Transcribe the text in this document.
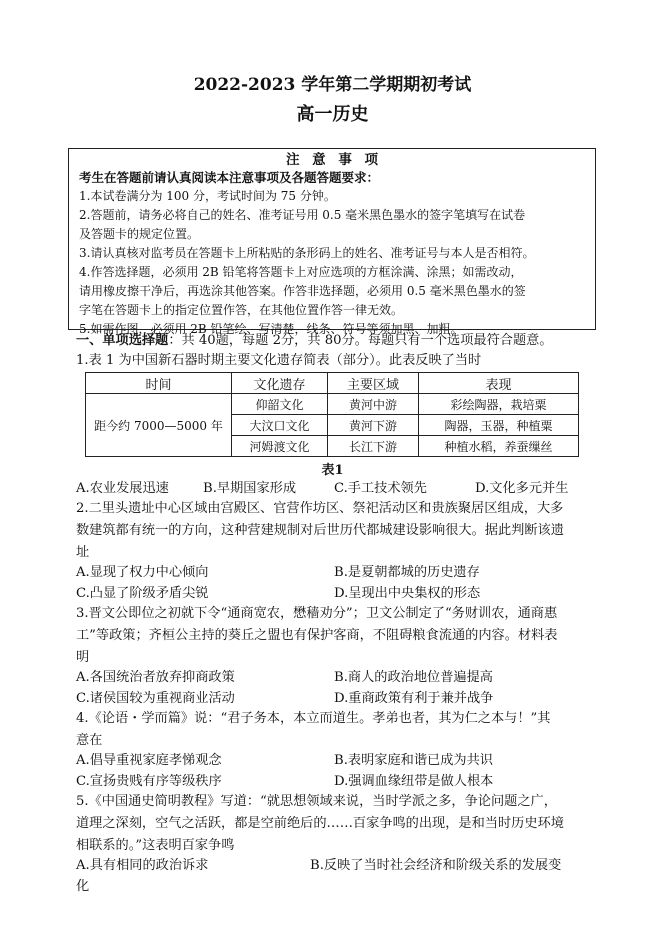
2022-2023 学年第二学期期初考试
高一历史
注 意 事 项
考生在答题前请认真阅读本注意事项及各题答题要求：
1.本试卷满分为 100 分，考试时间为 75 分钟。
2.答题前，请务必将自己的姓名、准考证号用 0.5 毫米黑色墨水的签字笔填写在试卷
及答题卡的规定位置。
3.请认真核对监考员在答题卡上所粘贴的条形码上的姓名、准考证号与本人是否相符。
4.作答选择题，必须用 2B 铅笔将答题卡上对应选项的方框涂满、涂黑；如需改动，
请用橡皮擦干净后，再选涂其他答案。作答非选择题，必须用 0.5 毫米黑色墨水的签
字笔在答题卡上的指定位置作答，在其他位置作答一律无效。
5.如需作图，必须用 2B 铅笔绘、写清楚，线条、符号等须加黑、加粗。
一、单项选择题：共 40题，每题 2分，共 80分。每题只有一个选项最符合题意。
1.表 1 为中国新石器时期主要文化遗存简表（部分）。此表反映了当时
时间	文化遗存	主要区域	表现
距今约 7000—5000 年	仰韶文化	黄河中游	彩绘陶器，栽培粟
	大汶口文化	黄河下游	陶器，玉器，种植粟
	河姆渡文化	长江下游	种植水稻，养蚕缫丝
表1
A.农业发展迅速	B.早期国家形成	C.手工技术领先	D.文化多元并生
2.二里头遗址中心区域由宫殿区、官营作坊区、祭祀活动区和贵族聚居区组成，大多
数建筑都有统一的方向，这种营建规制对后世历代都城建设影响很大。据此判断该遗
址
A.显现了权力中心倾向	B.是夏朝都城的历史遗存
C.凸显了阶级矛盾尖锐	D.呈现出中央集权的形态
3.晋文公即位之初就下令“通商宽农，懋穑劝分”；卫文公制定了“务财训农，通商惠
工”等政策；齐桓公主持的葵丘之盟也有保护客商，不阻碍粮食流通的内容。材料表
明
A.各国统治者放弃抑商政策	B.商人的政治地位普遍提高
C.诸侯国较为重视商业活动	D.重商政策有利于兼并战争
4.《论语・学而篇》说：“君子务本，本立而道生。孝弟也者，其为仁之本与！”其
意在
A.倡导重视家庭孝悌观念	B.表明家庭和谐已成为共识
C.宣扬贵贱有序等级秩序	D.强调血缘纽带是做人根本
5.《中国通史简明教程》写道：“就思想领域来说，当时学派之多，争论问题之广，
道理之深刻，空气之活跃，都是空前绝后的……百家争鸣的出现，是和当时历史环境
相联系的。”这表明百家争鸣
A.具有相同的政治诉求	B.反映了当时社会经济和阶级关系的发展变
化
